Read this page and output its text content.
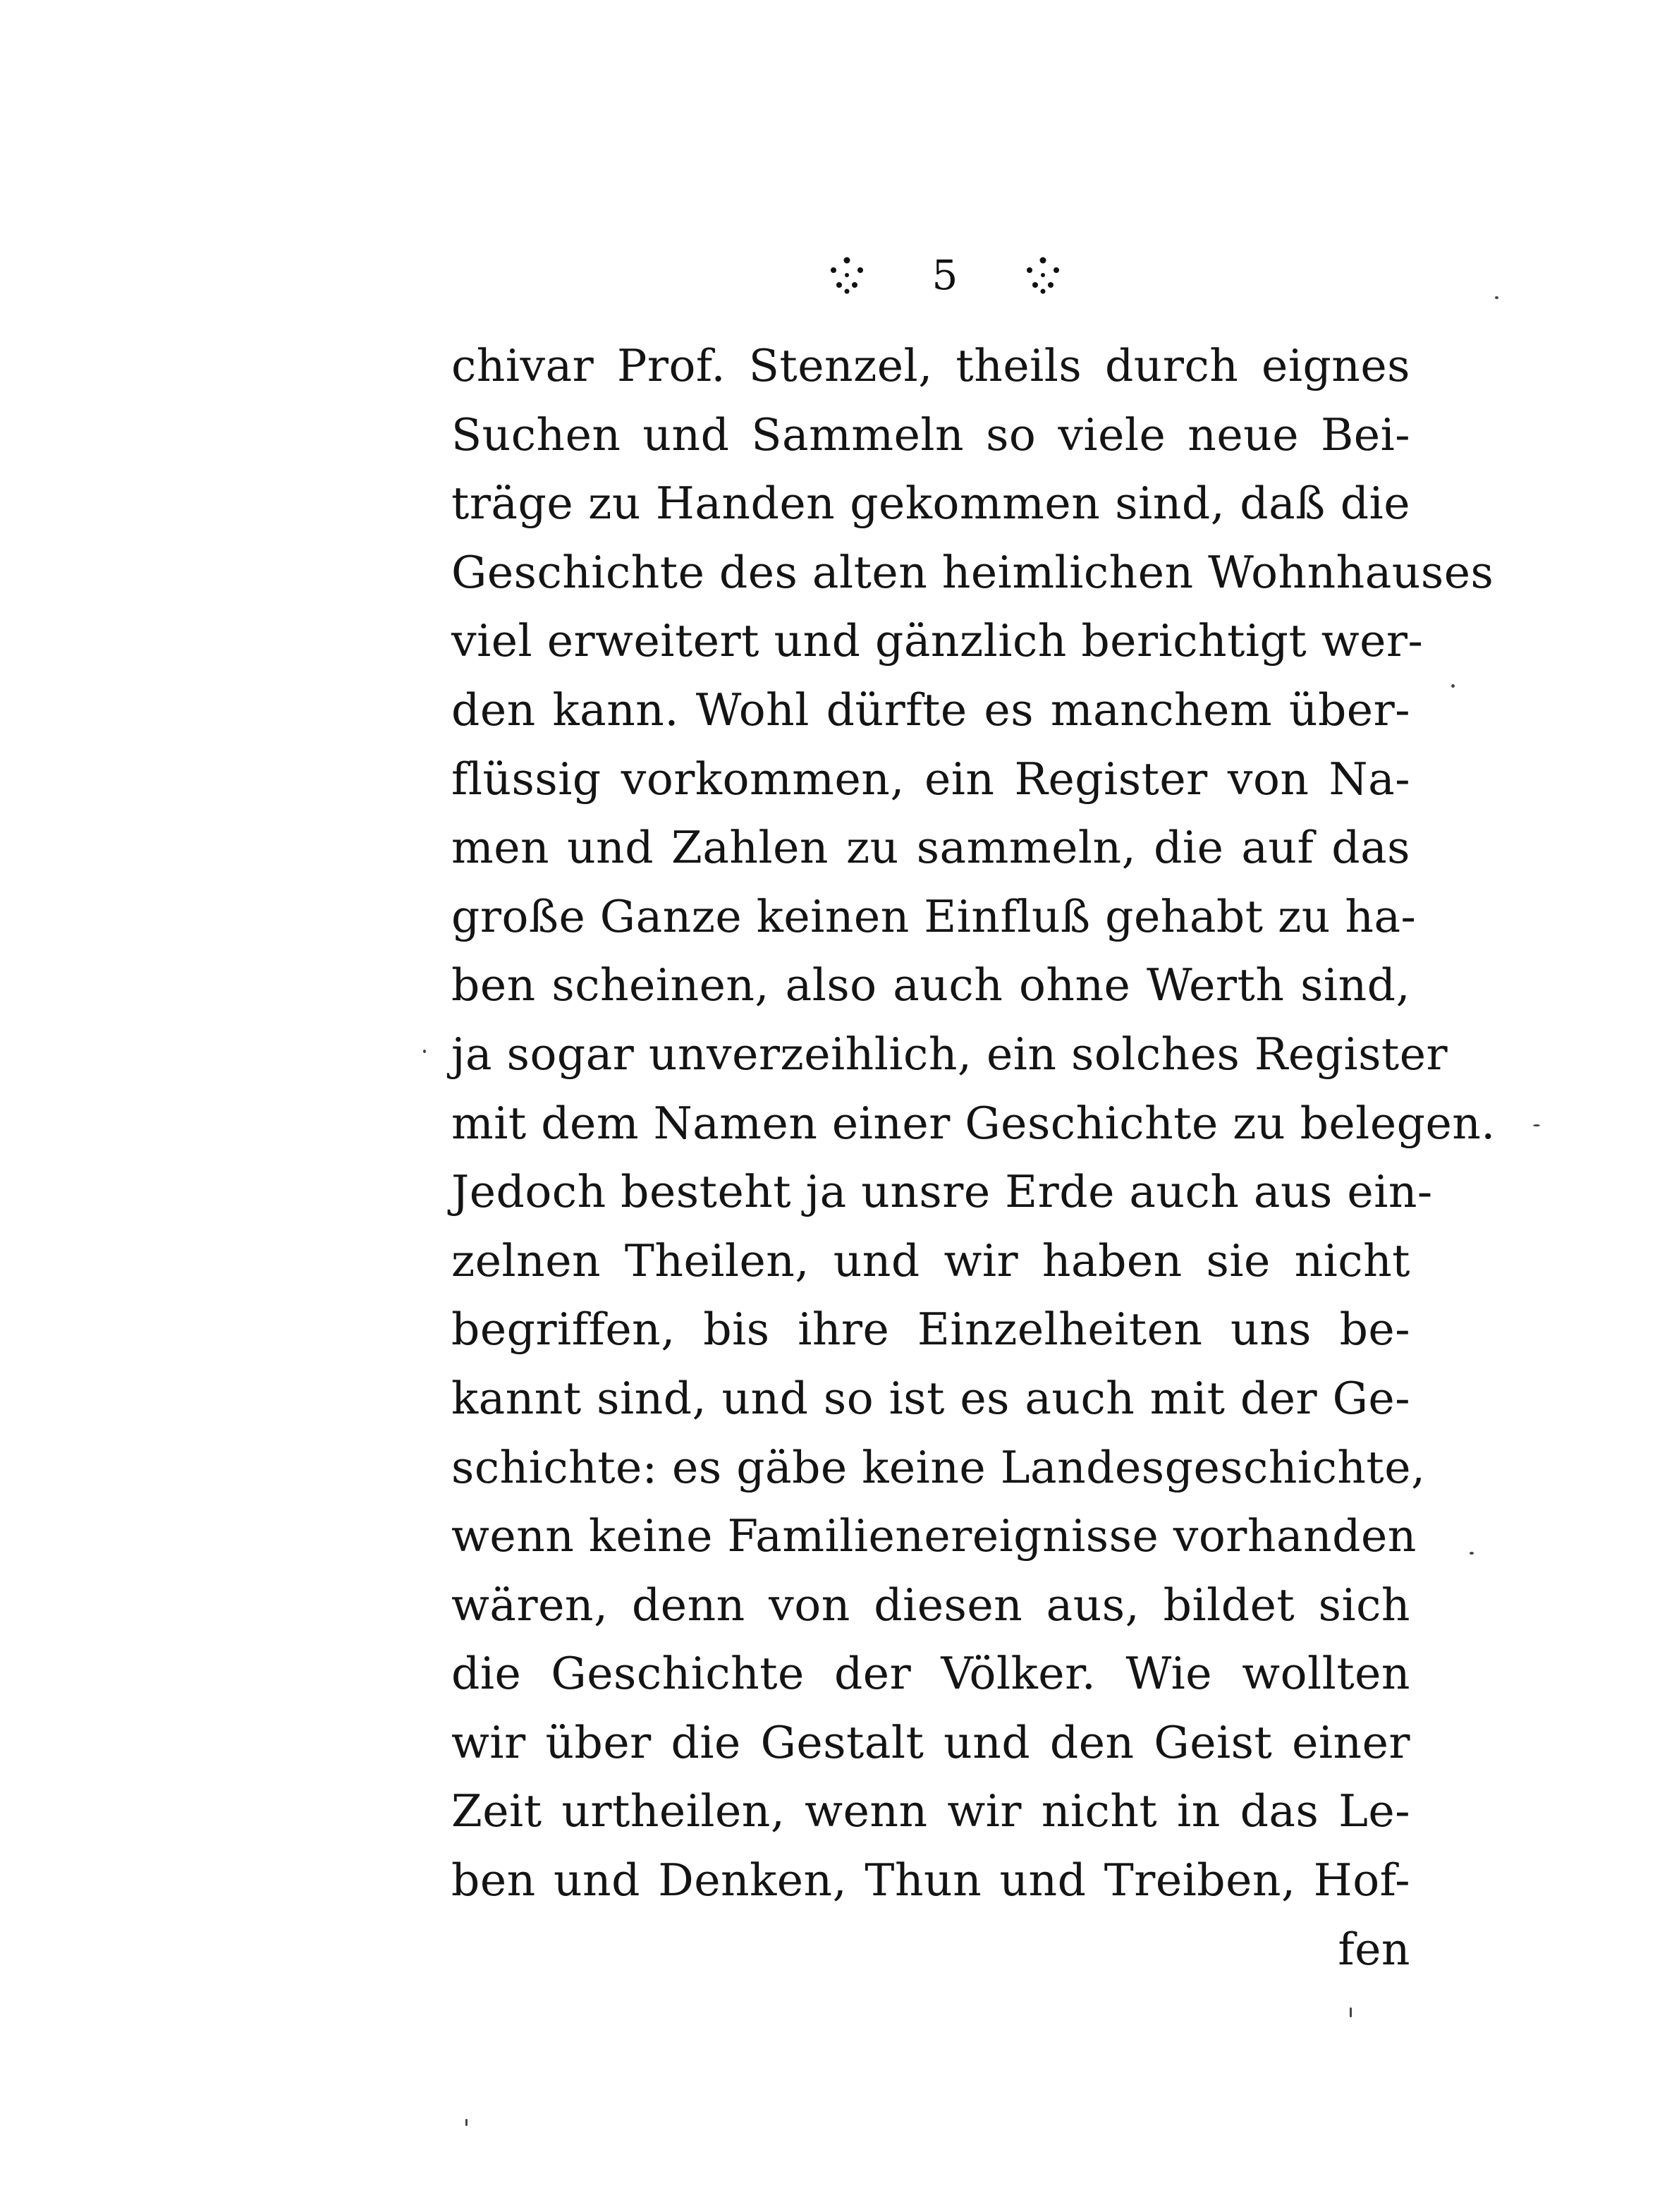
5
chivar Prof. Stenzel, theils durch eignes
Suchen und Sammeln so viele neue Bei-
träge zu Handen gekommen sind, daß die
Geschichte des alten heimlichen Wohnhauses
viel erweitert und gänzlich berichtigt wer-
den kann. Wohl dürfte es manchem über-
flüssig vorkommen, ein Register von Na-
men und Zahlen zu sammeln, die auf das
große Ganze keinen Einfluß gehabt zu ha-
ben scheinen, also auch ohne Werth sind,
ja sogar unverzeihlich, ein solches Register
mit dem Namen einer Geschichte zu belegen.
Jedoch besteht ja unsre Erde auch aus ein-
zelnen Theilen, und wir haben sie nicht
begriffen, bis ihre Einzelheiten uns be-
kannt sind, und so ist es auch mit der Ge-
schichte: es gäbe keine Landesgeschichte,
wenn keine Familienereignisse vorhanden
wären, denn von diesen aus, bildet sich
die Geschichte der Völker. Wie wollten
wir über die Gestalt und den Geist einer
Zeit urtheilen, wenn wir nicht in das Le-
ben und Denken, Thun und Treiben, Hof-
fen
